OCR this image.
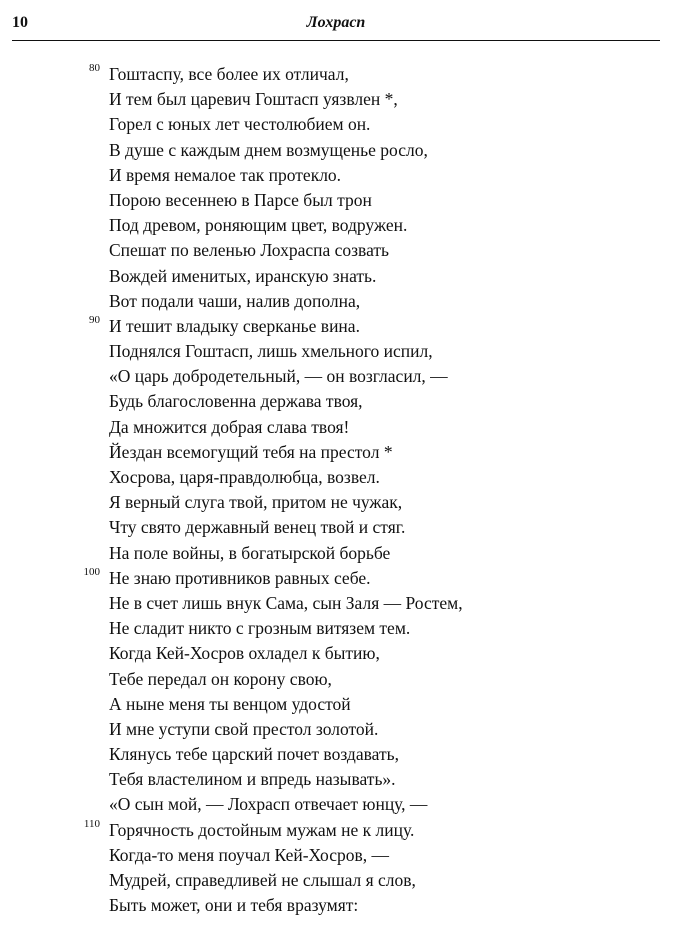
10	Лохрасп
80 Гоштаспу, все более их отличал,
И тем был царевич Гоштасп уязвлен *,
Горел с юных лет честолюбием он.
В душе с каждым днем возмущенье росло,
И время немалое так протекло.
Порою весеннею в Парсе был трон
Под древом, роняющим цвет, водружен.
Спешат по веленью Лохраспа созвать
Вождей именитых, иранскую знать.
Вот подали чаши, налив дополна,
90 И тешит владыку сверканье вина.
Поднялся Гоштасп, лишь хмельного испил,
«О царь добродетельный, — он возгласил, —
Будь благословенна держава твоя,
Да множится добрая слава твоя!
Йездан всемогущий тебя на престол *
Хосрова, царя-правдолюбца, возвел.
Я верный слуга твой, притом не чужак,
Чту свято державный венец твой и стяг.
На поле войны, в богатырской борьбе
100 Не знаю противников равных себе.
Не в счет лишь внук Сама, сын Заля — Ростем,
Не сладит никто с грозным витязем тем.
Когда Кей-Хосров охладел к бытию,
Тебе передал он корону свою,
А ныне меня ты венцом удостой
И мне уступи свой престол золотой.
Клянусь тебе царский почет воздавать,
Тебя властелином и впредь называть».
«О сын мой, — Лохрасп отвечает юнцу, —
110 Горячность достойным мужам не к лицу.
Когда-то меня поучал Кей-Хосров, —
Мудрей, справедливей не слышал я слов,
Быть может, они и тебя вразумят:
